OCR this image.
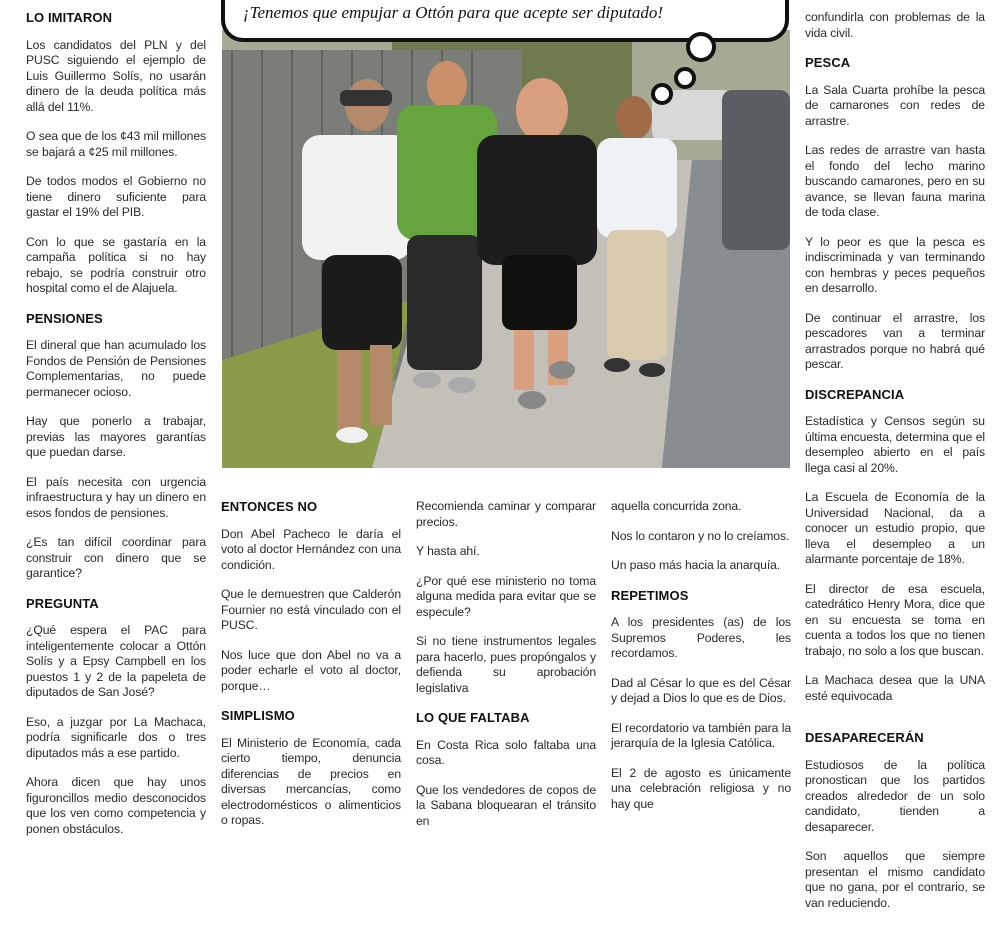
LO IMITARON

Los candidatos del PLN y del PUSC siguiendo el ejemplo de Luis Guillermo Solís, no usarán dinero de la deuda política más allá del 11%.

O sea que de los ¢43 mil millones se bajará a ¢25 mil millones.

De todos modos el Gobierno no tiene dinero suficiente para gastar el 19% del PIB.

Con lo que se gastaría en la campaña política si no hay rebajo, se podría construir otro hospital como el de Alajuela.

PENSIONES

El dineral que han acumulado los Fondos de Pensión de Pensiones Complementarias, no puede permanecer ocioso.

Hay que ponerlo a trabajar, previas las mayores garantías que puedan darse.

El país necesita con urgencia infraestructura y hay un dinero en esos fondos de pensiones.

¿Es tan difícil coordinar para construir con dinero que se garantice?

PREGUNTA

¿Qué espera el PAC para inteligentemente colocar a Ottón Solís y a Epsy Campbell en los puestos 1 y 2 de la papeleta de diputados de San José?

Eso, a juzgar por La Machaca, podría significarle dos o tres diputados más a ese partido.

Ahora dicen que hay unos figuroncillos medio desconocidos que los ven como competencia y ponen obstáculos.

¡Tenemos que empujar a Ottón para que acepte ser diputado!
ENTONCES NO

Don Abel Pacheco le daría el voto al doctor Hernández con una condición.

Que le demuestren que Calderón Fournier no está vinculado con el PUSC.

Nos luce que don Abel no va a poder echarle el voto al doctor, porque…

SIMPLISMO

El Ministerio de Economía, cada cierto tiempo, denuncia diferencias de precios en diversas mercancías, como electrodomésticos o alimenticios o ropas.

Recomienda caminar y comparar precios.

Y hasta ahí.

¿Por qué ese ministerio no toma alguna medida para evitar que se especule?

Si no tiene instrumentos legales para hacerlo, pues propóngalos y defienda su aprobación legislativa

LO QUE FALTABA

En Costa Rica solo faltaba una cosa.

Que los vendedores de copos de la Sabana bloquearan el tránsito en

aquella concurrida zona.

Nos lo contaron y no lo creíamos.

Un paso más hacia la anarquía.

REPETIMOS

A los presidentes (as) de los Supremos Poderes, les recordamos.

Dad al César lo que es del César y dejad a Dios lo que es de Dios.

El recordatorio va también para la jerarquía de la Iglesia Católica.

El 2 de agosto es únicamente una celebración religiosa y no hay que

confundirla con problemas de la vida civil.

PESCA

La Sala Cuarta prohíbe la pesca de camarones con redes de arrastre.

Las redes de arrastre van hasta el fondo del lecho marino buscando camarones, pero en su avance, se llevan fauna marina de toda clase.

Y lo peor es que la pesca es indiscriminada y van terminando con hembras y peces pequeños en desarrollo.

De continuar el arrastre, los pescadores van a terminar arrastrados porque no habrá qué pescar.

DISCREPANCIA

Estadística y Censos según su última encuesta, determina que el desempleo abierto en el país llega casi al 20%.

La Escuela de Economía de la Universidad Nacional, da a conocer un estudio propio, que lleva el desempleo a un alarmante porcentaje de 18%.

El director de esa escuela, catedrático Henry Mora, dice que en su encuesta se toma en cuenta a todos los que no tienen trabajo, no solo a los que buscan.

La Machaca desea que la UNA esté equivocada

DESAPARECERÁN

Estudiosos de la política pronostican que los partidos creados alrededor de un solo candidato, tienden a desaparecer.

Son aquellos que siempre presentan el mismo candidato que no gana, por el contrario, se van reduciendo.
